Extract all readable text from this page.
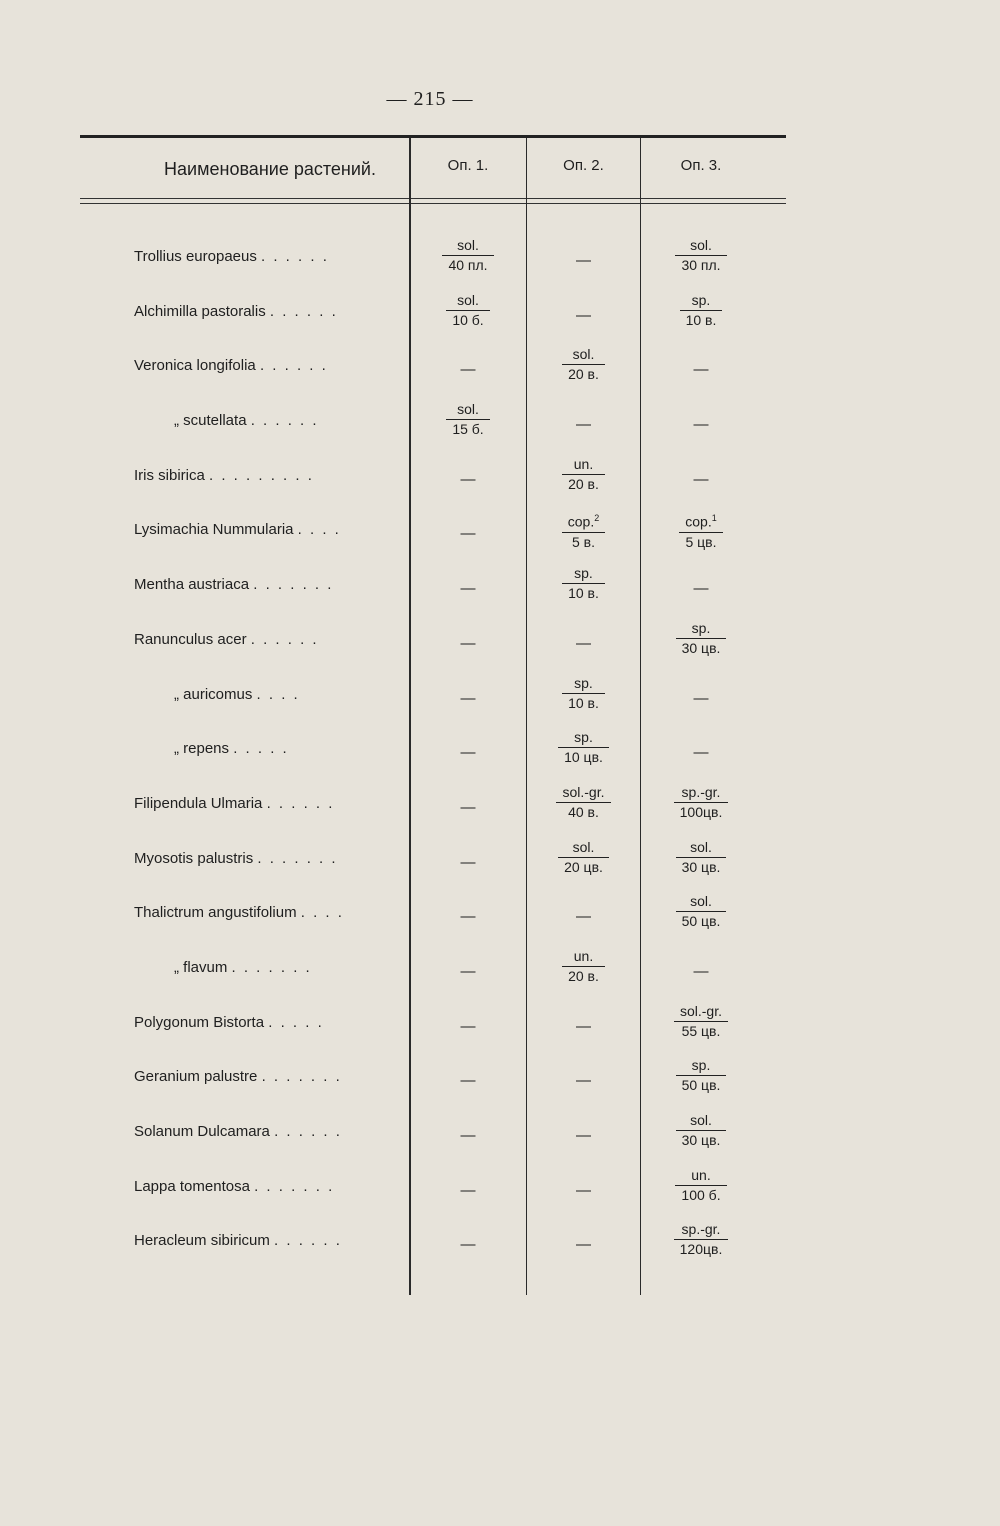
— 215 —
Наименование растений.	Оп. 1.	Оп. 2.	Оп. 3.
Trollius europaeus . . . . . .	$\frac{\text{sol.}}{40 пл.}$	—	$\frac{\text{sol.}}{30 пл.}$
Alchimilla pastoralis . . . . . .	$\frac{\text{sol.}}{10 б.}$	—	$\frac{sp.}{10 в.}$
Veronica longifolia . . . . . .	—	$\frac{\text{sol.}}{20 в.}$	—
„ scutellata . . . . . .	$\frac{\text{sol.}}{15 б.}$	—	—
Iris sibirica . . . . . . . . .	—	$\frac{un.}{20 в.}$	—
Lysimachia Nummularia . . . .	—	$\frac{cop.^2}{5 в.}$	$\frac{cop.^1}{5 цв.}$
Mentha austriaca . . . . . . .	—	$\frac{sp.}{10 в.}$	—
Ranunculus acer . . . . . .	—	—	$\frac{sp.}{30 цв.}$
„ auricomus . . . .	—	$\frac{sp.}{10 в.}$	—
„ repens . . . . .	—	$\frac{sp.}{10 цв.}$	—
Filipendula Ulmaria . . . . . .	—	$\frac{\text{sol.-gr.}}{40 в.}$	$\frac{sp.-gr.}{100цв.}$
Myosotis palustris . . . . . . .	—	$\frac{\text{sol.}}{20 цв.}$	$\frac{\text{sol.}}{30 цв.}$
Thalictrum angustifolium . . . .	—	—	$\frac{\text{sol.}}{50 цв.}$
„ flavum . . . . . . .	—	$\frac{un.}{20 в.}$	—
Polygonum Bistorta . . . . .	—	—	$\frac{\text{sol.-gr.}}{55 цв.}$
Geranium palustre . . . . . . .	—	—	$\frac{sp.}{50 цв.}$
Solanum Dulcamara . . . . . .	—	—	$\frac{\text{sol.}}{30 цв.}$
Lappa tomentosa . . . . . . .	—	—	$\frac{un.}{100 б.}$
Heracleum sibiricum . . . . . .	—	—	$\frac{sp.-gr.}{120цв.}$
